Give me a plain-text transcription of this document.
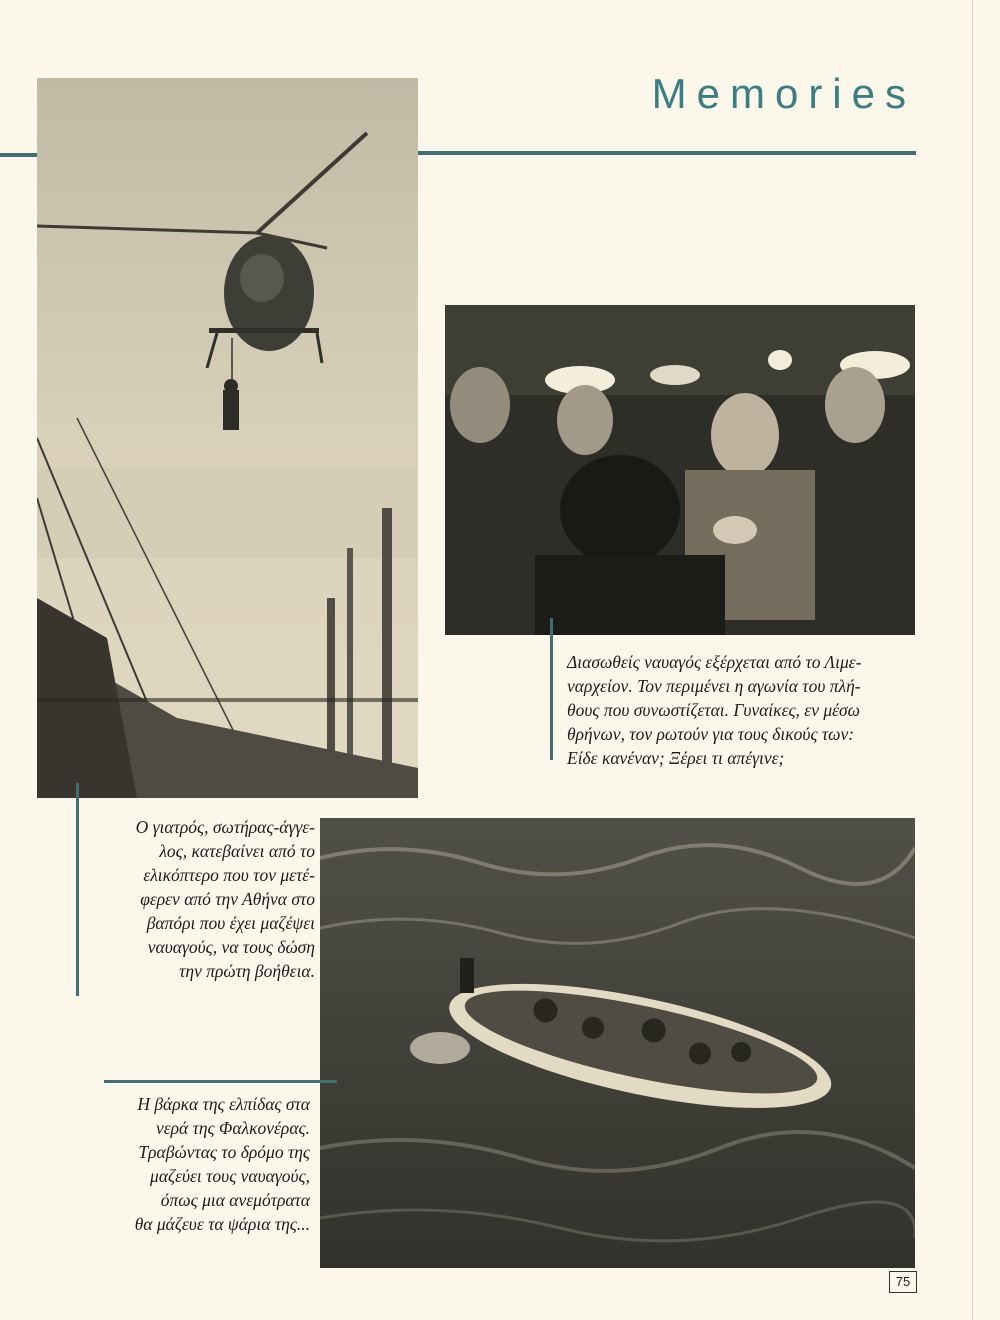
Memories

Διασωθείς ναυαγός εξέρχεται από το Λιμε-

ναρχείον. Τον περιμένει η αγωνία του πλή-

θους που συνωστίζεται. Γυναίκες, εν μέσω

θρήνων, τον ρωτούν για τους δικούς των:

Είδε κανέναν; Ξέρει τι απέγινε;

Ο γιατρός, σωτήρας-άγγε-

λος, κατεβαίνει από το

ελικόπτερο που τον μετέ-

φερεν από την Αθήνα στο

βαπόρι που έχει μαζέψει

ναυαγούς, να τους δώση

την πρώτη βοήθεια.

Η βάρκα της ελπίδας στα

νερά της Φαλκονέρας.

Τραβώντας το δρόμο της

μαζεύει τους ναυαγούς,

όπως μια ανεμότρατα

θα μάζευε τα ψάρια της...

75
